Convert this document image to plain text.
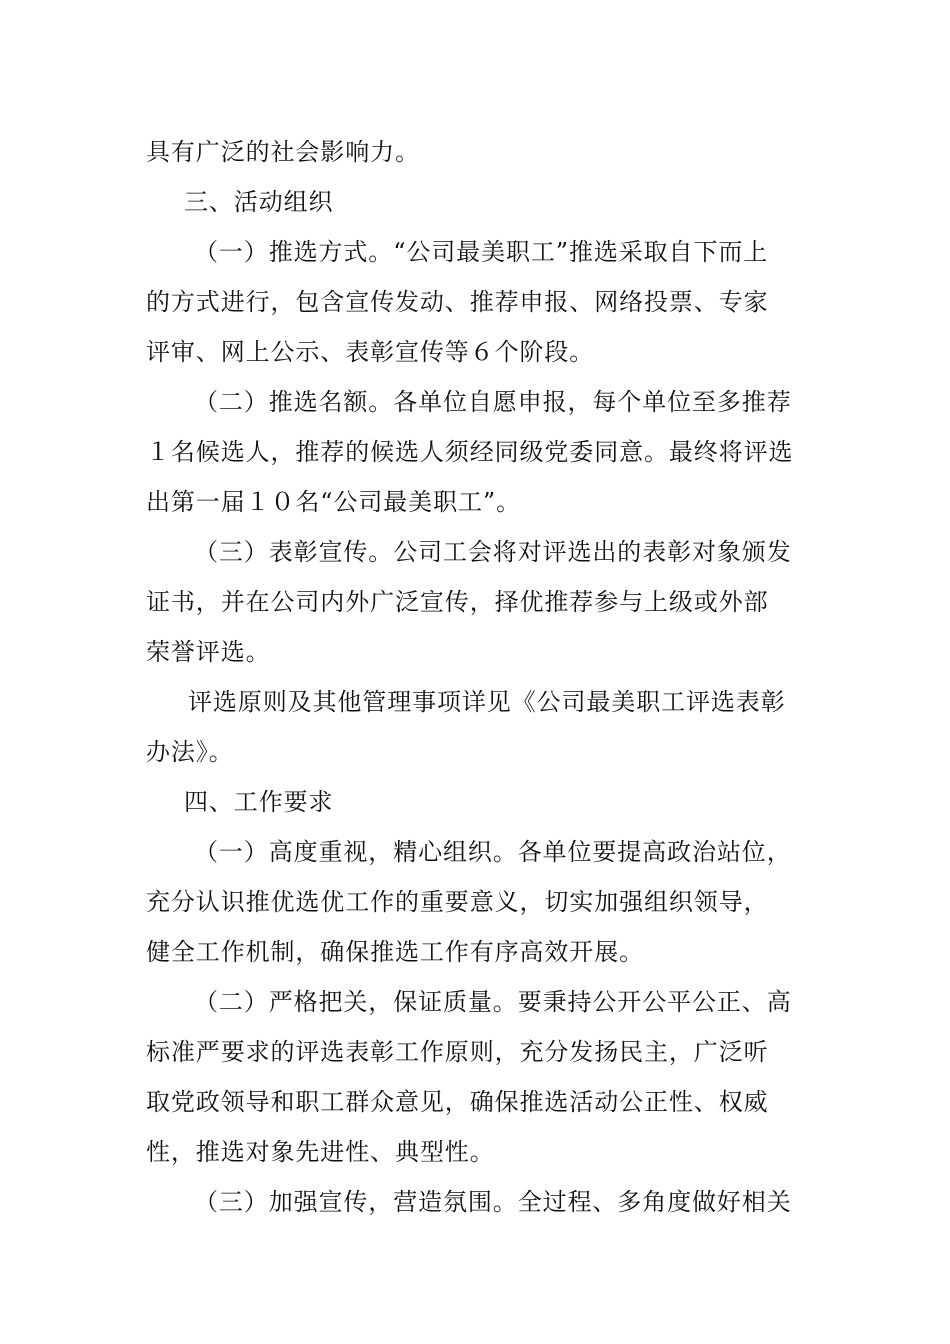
具有广泛的社会影响力。
三、活动组织
（一）推选方式。“公司最美职工”推选采取自下而上
的方式进行，包含宣传发动、推荐申报、网络投票、专家
评审、网上公示、表彰宣传等６个阶段。
（二）推选名额。各单位自愿申报，每个单位至多推荐
１名候选人，推荐的候选人须经同级党委同意。最终将评选
出第一届１０名“公司最美职工”。
（三）表彰宣传。公司工会将对评选出的表彰对象颁发
证书，并在公司内外广泛宣传，择优推荐参与上级或外部
荣誉评选。
评选原则及其他管理事项详见《公司最美职工评选表彰
办法》。
四、工作要求
（一）高度重视，精心组织。各单位要提高政治站位，
充分认识推优选优工作的重要意义，切实加强组织领导，
健全工作机制，确保推选工作有序高效开展。
（二）严格把关，保证质量。要秉持公开公平公正、高
标准严要求的评选表彰工作原则，充分发扬民主，广泛听
取党政领导和职工群众意见，确保推选活动公正性、权威
性，推选对象先进性、典型性。
（三）加强宣传，营造氛围。全过程、多角度做好相关
